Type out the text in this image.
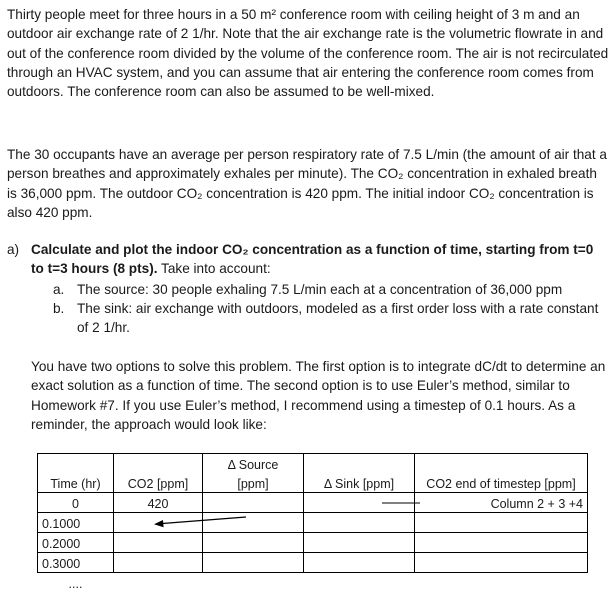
Thirty people meet for three hours in a 50 m² conference room with ceiling height of 3 m and an outdoor air exchange rate of 2 1/hr. Note that the air exchange rate is the volumetric flowrate in and out of the conference room divided by the volume of the conference room. The air is not recirculated through an HVAC system, and you can assume that air entering the conference room comes from outdoors. The conference room can also be assumed to be well-mixed.

The 30 occupants have an average per person respiratory rate of 7.5 L/min (the amount of air that a person breathes and approximately exhales per minute). The CO₂ concentration in exhaled breath is 36,000 ppm. The outdoor CO₂ concentration is 420 ppm. The initial indoor CO₂ concentration is also 420 ppm.

a) Calculate and plot the indoor CO₂ concentration as a function of time, starting from t=0 to t=3 hours (8 pts). Take into account:
a. The source: 30 people exhaling 7.5 L/min each at a concentration of 36,000 ppm
b. The sink: air exchange with outdoors, modeled as a first order loss with a rate constant of 2 1/hr.

You have two options to solve this problem. The first option is to integrate dC/dt to determine an exact solution as a function of time. The second option is to use Euler’s method, similar to Homework #7. If you use Euler’s method, I recommend using a timestep of 0.1 hours. As a reminder, the approach would look like:

		Δ Source		
Time (hr)	CO2 [ppm]	[ppm]	Δ Sink [ppm]	CO2 end of timestep [ppm]
0	420			Column 2 + 3 +4
0.1000				
0.2000				
0.3000				
....				
